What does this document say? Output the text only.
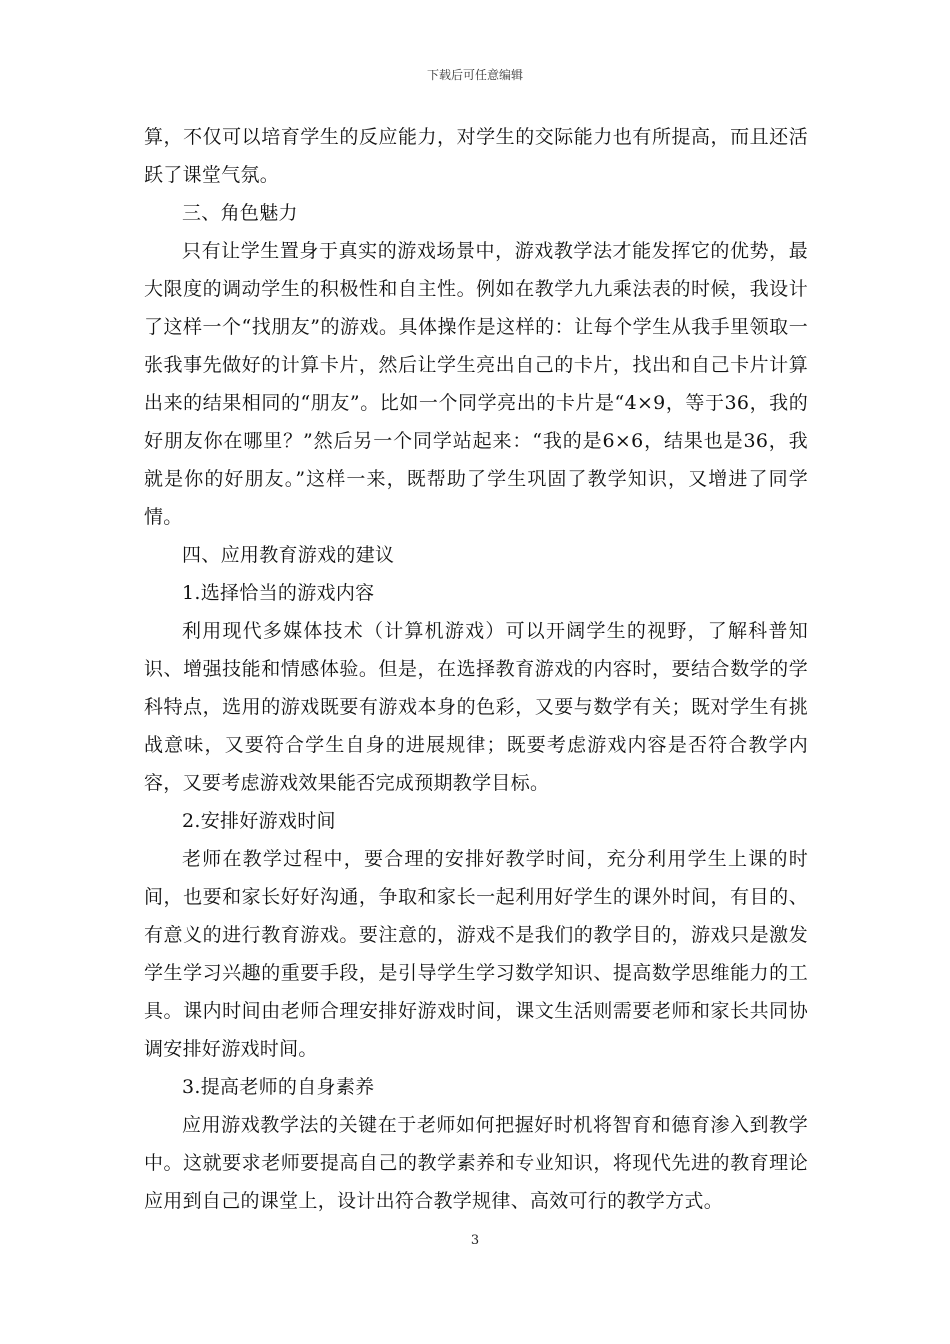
下载后可任意编辑

算，不仅可以培育学生的反应能力，对学生的交际能力也有所提高，而且还活跃了课堂气氛。

三、角色魅力

只有让学生置身于真实的游戏场景中，游戏教学法才能发挥它的优势，最大限度的调动学生的积极性和自主性。例如在教学九九乘法表的时候，我设计了这样一个“找朋友”的游戏。具体操作是这样的：让每个学生从我手里领取一张我事先做好的计算卡片，然后让学生亮出自己的卡片，找出和自己卡片计算出来的结果相同的“朋友”。比如一个同学亮出的卡片是“4×9，等于36，我的好朋友你在哪里？”然后另一个同学站起来：“我的是6×6，结果也是36，我就是你的好朋友。”这样一来，既帮助了学生巩固了教学知识，又增进了同学情。

四、应用教育游戏的建议

1.选择恰当的游戏内容

利用现代多媒体技术（计算机游戏）可以开阔学生的视野，了解科普知识、增强技能和情感体验。但是，在选择教育游戏的内容时，要结合数学的学科特点，选用的游戏既要有游戏本身的色彩，又要与数学有关；既对学生有挑战意味，又要符合学生自身的进展规律；既要考虑游戏内容是否符合教学内容，又要考虑游戏效果能否完成预期教学目标。

2.安排好游戏时间

老师在教学过程中，要合理的安排好教学时间，充分利用学生上课的时间，也要和家长好好沟通，争取和家长一起利用好学生的课外时间，有目的、有意义的进行教育游戏。要注意的，游戏不是我们的教学目的，游戏只是激发学生学习兴趣的重要手段，是引导学生学习数学知识、提高数学思维能力的工具。课内时间由老师合理安排好游戏时间，课文生活则需要老师和家长共同协调安排好游戏时间。

3.提高老师的自身素养

应用游戏教学法的关键在于老师如何把握好时机将智育和德育渗入到教学中。这就要求老师要提高自己的教学素养和专业知识，将现代先进的教育理论应用到自己的课堂上，设计出符合教学规律、高效可行的教学方式。

3
